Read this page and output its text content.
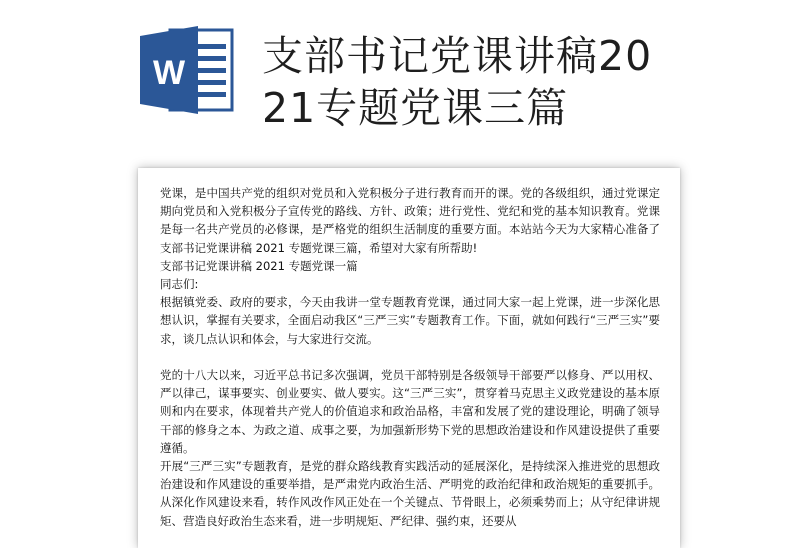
W 支部书记党课讲稿2021专题党课三篇

党课，是中国共产党的组织对党员和入党积极分子进行教育而开的课。党的各级组织，通过党课定期向党员和入党积极分子宣传党的路线、方针、政策；进行党性、党纪和党的基本知识教育。党课是每一名共产党员的必修课，是严格党的组织生活制度的重要方面。本站站今天为大家精心准备了支部书记党课讲稿 2021 专题党课三篇，希望对大家有所帮助!

支部书记党课讲稿 2021 专题党课一篇

同志们:

根据镇党委、政府的要求，今天由我讲一堂专题教育党课，通过同大家一起上党课，进一步深化思想认识，掌握有关要求，全面启动我区“三严三实”专题教育工作。下面，就如何践行“三严三实”要求，谈几点认识和体会，与大家进行交流。

党的十八大以来，习近平总书记多次强调，党员干部特别是各级领导干部要严以修身、严以用权、严以律己，谋事要实、创业要实、做人要实。这“三严三实”，贯穿着马克思主义政党建设的基本原则和内在要求，体现着共产党人的价值追求和政治品格，丰富和发展了党的建设理论，明确了领导干部的修身之本、为政之道、成事之要，为加强新形势下党的思想政治建设和作风建设提供了重要遵循。

开展“三严三实”专题教育，是党的群众路线教育实践活动的延展深化，是持续深入推进党的思想政治建设和作风建设的重要举措，是严肃党内政治生活、严明党的政治纪律和政治规矩的重要抓手。从深化作风建设来看，转作风改作风正处在一个关键点、节骨眼上，必须乘势而上；从守纪律讲规矩、营造良好政治生态来看，进一步明规矩、严纪律、强约束，还要从
